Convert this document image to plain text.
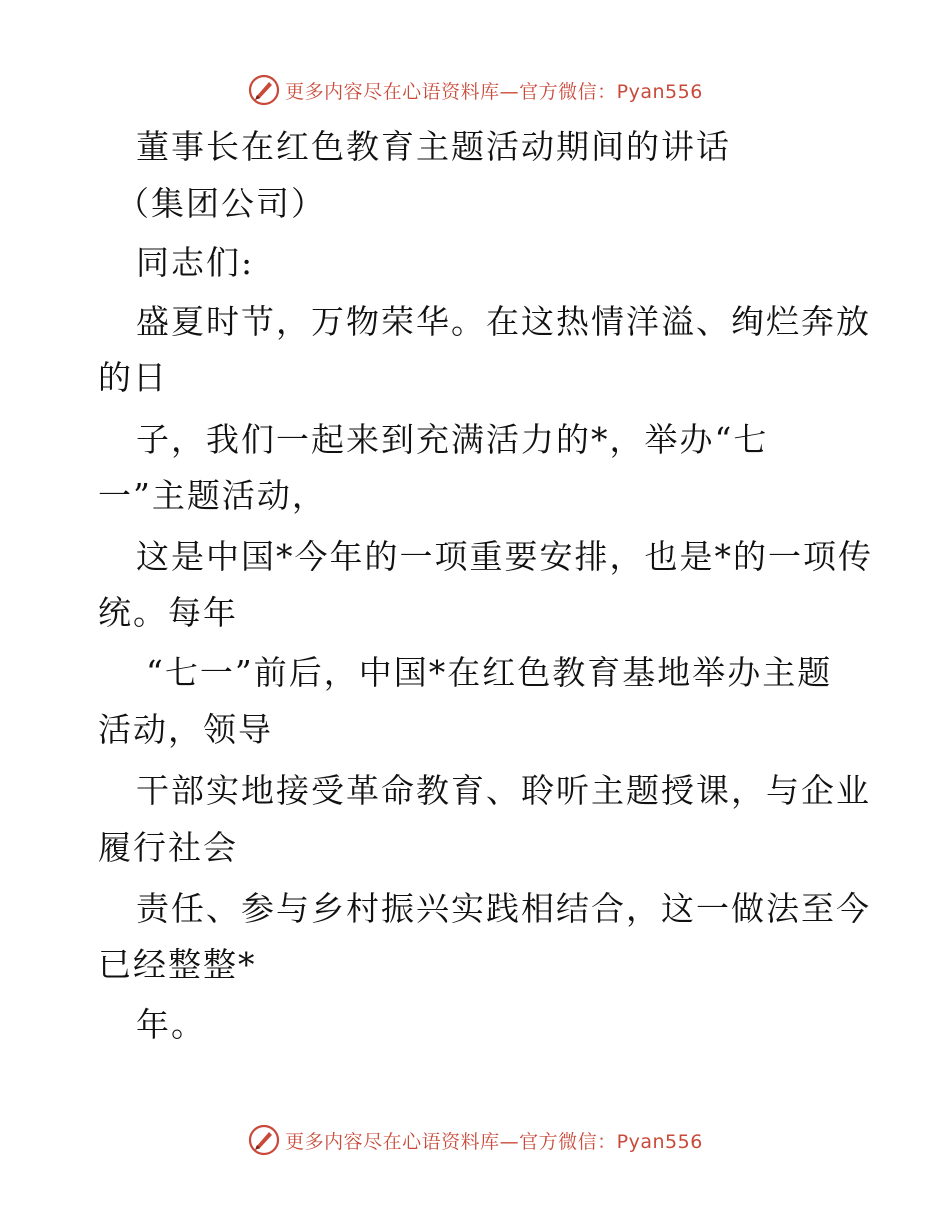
更多内容尽在心语资料库—官方微信：Pyan556
董事长在红色教育主题活动期间的讲话
（集团公司）
同志们:
盛夏时节，万物荣华。在这热情洋溢、绚烂奔放
的日
子，我们一起来到充满活力的*，举办“七
一”主题活动，
这是中国*今年的一项重要安排，也是*的一项传
统。每年
“七一”前后，中国*在红色教育基地举办主题
活动，领导
干部实地接受革命教育、聆听主题授课，与企业
履行社会
责任、参与乡村振兴实践相结合，这一做法至今
已经整整*
年。
更多内容尽在心语资料库—官方微信：Pyan556
